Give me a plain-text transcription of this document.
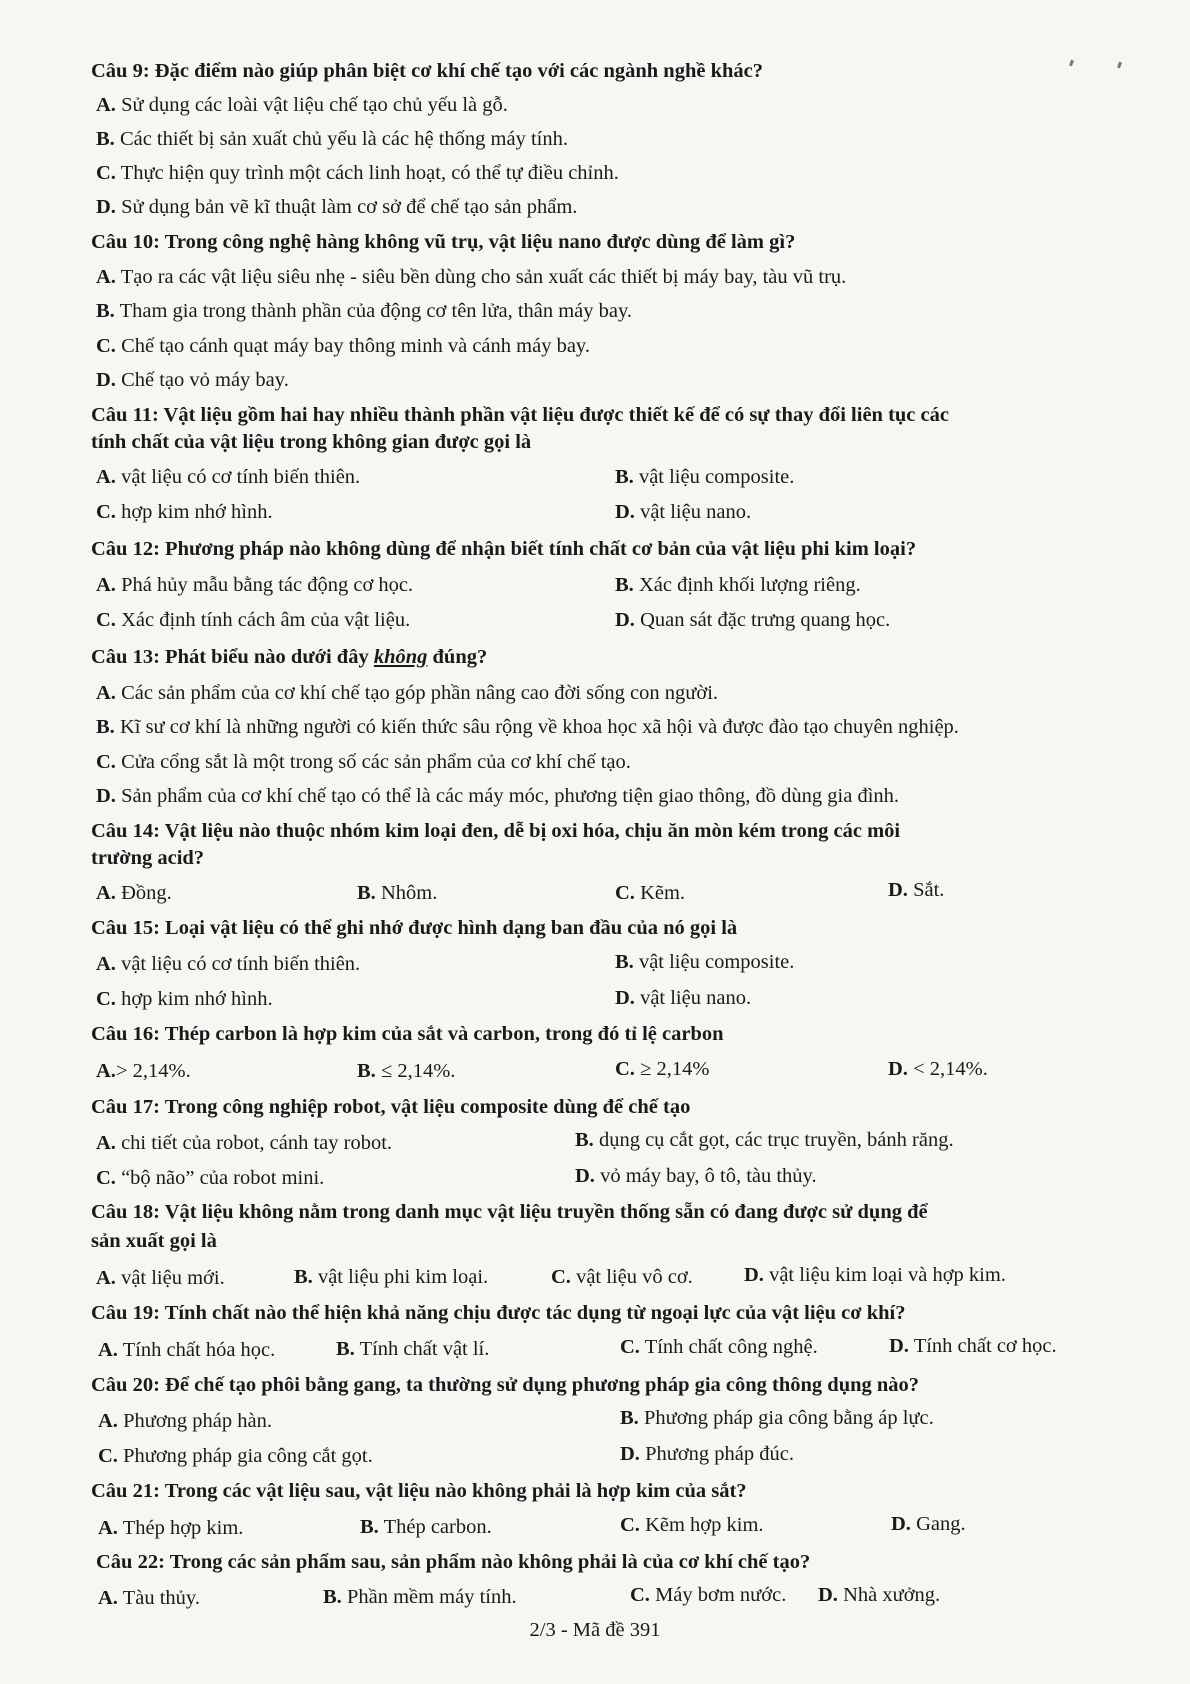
Câu 9: Đặc điểm nào giúp phân biệt cơ khí chế tạo với các ngành nghề khác?
A. Sử dụng các loài vật liệu chế tạo chủ yếu là gỗ.
B. Các thiết bị sản xuất chủ yếu là các hệ thống máy tính.
C. Thực hiện quy trình một cách linh hoạt, có thể tự điều chỉnh.
D. Sử dụng bản vẽ kĩ thuật làm cơ sở để chế tạo sản phẩm.
Câu 10: Trong công nghệ hàng không vũ trụ, vật liệu nano được dùng để làm gì?
A. Tạo ra các vật liệu siêu nhẹ - siêu bền dùng cho sản xuất các thiết bị máy bay, tàu vũ trụ.
B. Tham gia trong thành phần của động cơ tên lửa, thân máy bay.
C. Chế tạo cánh quạt máy bay thông minh và cánh máy bay.
D. Chế tạo vỏ máy bay.
Câu 11: Vật liệu gồm hai hay nhiều thành phần vật liệu được thiết kế để có sự thay đổi liên tục các
tính chất của vật liệu trong không gian được gọi là
A. vật liệu có cơ tính biến thiên.	B. vật liệu composite.
C. hợp kim nhớ hình.	D. vật liệu nano.
Câu 12: Phương pháp nào không dùng để nhận biết tính chất cơ bản của vật liệu phi kim loại?
A. Phá hủy mẫu bằng tác động cơ học.	B. Xác định khối lượng riêng.
C. Xác định tính cách âm của vật liệu.	D. Quan sát đặc trưng quang học.
Câu 13: Phát biểu nào dưới đây không đúng?
A. Các sản phẩm của cơ khí chế tạo góp phần nâng cao đời sống con người.
B. Kĩ sư cơ khí là những người có kiến thức sâu rộng về khoa học xã hội và được đào tạo chuyên nghiệp.
C. Cửa cổng sắt là một trong số các sản phẩm của cơ khí chế tạo.
D. Sản phẩm của cơ khí chế tạo có thể là các máy móc, phương tiện giao thông, đồ dùng gia đình.
Câu 14: Vật liệu nào thuộc nhóm kim loại đen, dễ bị oxi hóa, chịu ăn mòn kém trong các môi
trường acid?
A. Đồng.	B. Nhôm.	C. Kẽm.	D. Sắt.
Câu 15: Loại vật liệu có thể ghi nhớ được hình dạng ban đầu của nó gọi là
A. vật liệu có cơ tính biến thiên.	B. vật liệu composite.
C. hợp kim nhớ hình.	D. vật liệu nano.
Câu 16: Thép carbon là hợp kim của sắt và carbon, trong đó tỉ lệ carbon
A.> 2,14%.	B. ≤ 2,14%.	C. ≥ 2,14%	D. < 2,14%.
Câu 17: Trong công nghiệp robot, vật liệu composite dùng để chế tạo
A. chi tiết của robot, cánh tay robot.	B. dụng cụ cắt gọt, các trục truyền, bánh răng.
C. “bộ não” của robot mini.	D. vỏ máy bay, ô tô, tàu thủy.
Câu 18: Vật liệu không nằm trong danh mục vật liệu truyền thống sẵn có đang được sử dụng để
sản xuất gọi là
A. vật liệu mới.	B. vật liệu phi kim loại.	C. vật liệu vô cơ. D. vật liệu kim loại và hợp kim.
Câu 19: Tính chất nào thể hiện khả năng chịu được tác dụng từ ngoại lực của vật liệu cơ khí?
A. Tính chất hóa học.	B. Tính chất vật lí.	C. Tính chất công nghệ.	D. Tính chất cơ học.
Câu 20: Để chế tạo phôi bằng gang, ta thường sử dụng phương pháp gia công thông dụng nào?
A. Phương pháp hàn.	B. Phương pháp gia công bằng áp lực.
C. Phương pháp gia công cắt gọt.	D. Phương pháp đúc.
Câu 21: Trong các vật liệu sau, vật liệu nào không phải là hợp kim của sắt?
A. Thép hợp kim.	B. Thép carbon.	C. Kẽm hợp kim.	D. Gang.
Câu 22: Trong các sản phẩm sau, sản phẩm nào không phải là của cơ khí chế tạo?
A. Tàu thủy.	B. Phần mềm máy tính.	C. Máy bơm nước. D. Nhà xưởng.
2/3 - Mã đề 391
